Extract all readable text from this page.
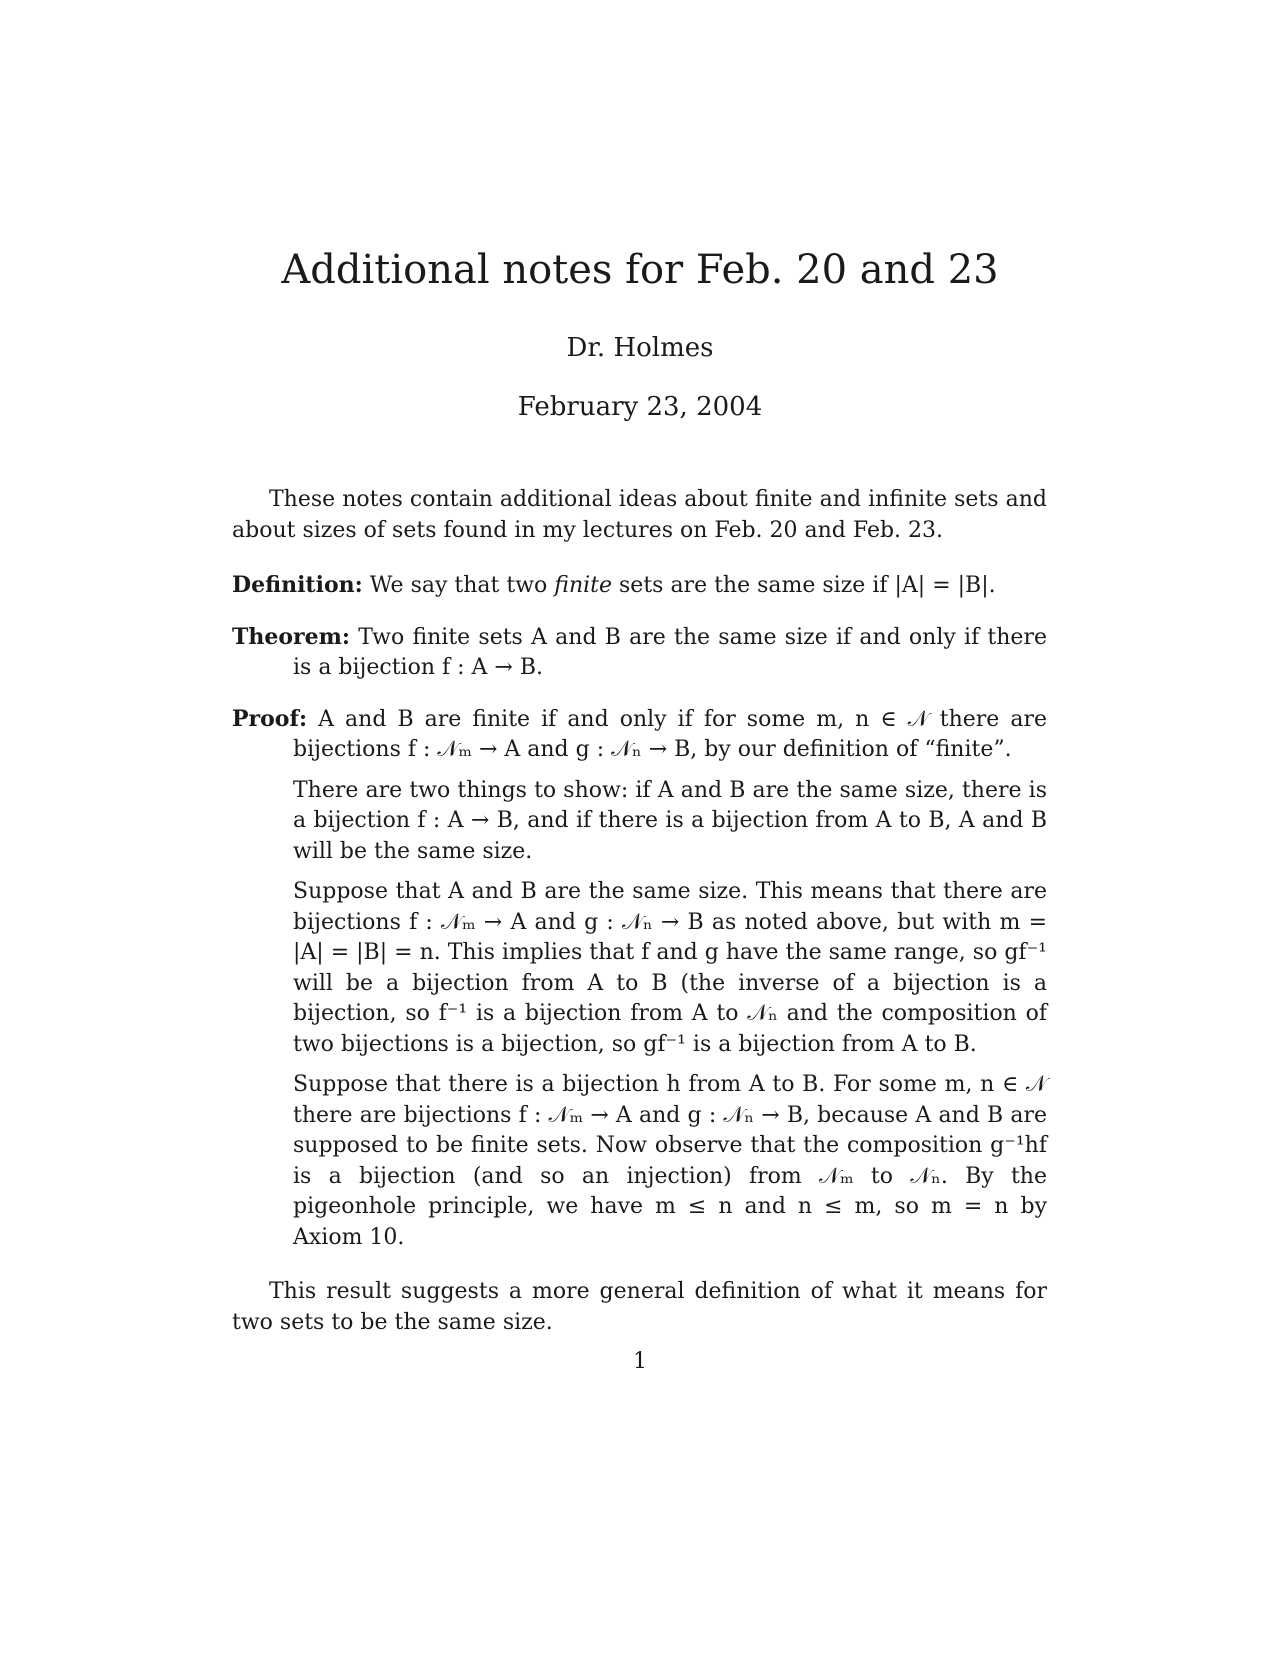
Additional notes for Feb. 20 and 23
Dr. Holmes
February 23, 2004

These notes contain additional ideas about finite and infinite sets and about sizes of sets found in my lectures on Feb. 20 and Feb. 23.

Definition: We say that two finite sets are the same size if |A| = |B|.

Theorem: Two finite sets A and B are the same size if and only if there is a bijection f : A → B.

Proof: A and B are finite if and only if for some m, n ∈ 𝒩 there are bijections f : 𝒩ₘ → A and g : 𝒩ₙ → B, by our definition of “finite”.

There are two things to show: if A and B are the same size, there is a bijection f : A → B, and if there is a bijection from A to B, A and B will be the same size.

Suppose that A and B are the same size. This means that there are bijections f : 𝒩ₘ → A and g : 𝒩ₙ → B as noted above, but with m = |A| = |B| = n. This implies that f and g have the same range, so gf⁻¹ will be a bijection from A to B (the inverse of a bijection is a bijection, so f⁻¹ is a bijection from A to 𝒩ₙ and the composition of two bijections is a bijection, so gf⁻¹ is a bijection from A to B.

Suppose that there is a bijection h from A to B. For some m, n ∈ 𝒩 there are bijections f : 𝒩ₘ → A and g : 𝒩ₙ → B, because A and B are supposed to be finite sets. Now observe that the composition g⁻¹hf is a bijection (and so an injection) from 𝒩ₘ to 𝒩ₙ. By the pigeonhole principle, we have m ≤ n and n ≤ m, so m = n by Axiom 10.

This result suggests a more general definition of what it means for two sets to be the same size.

1
